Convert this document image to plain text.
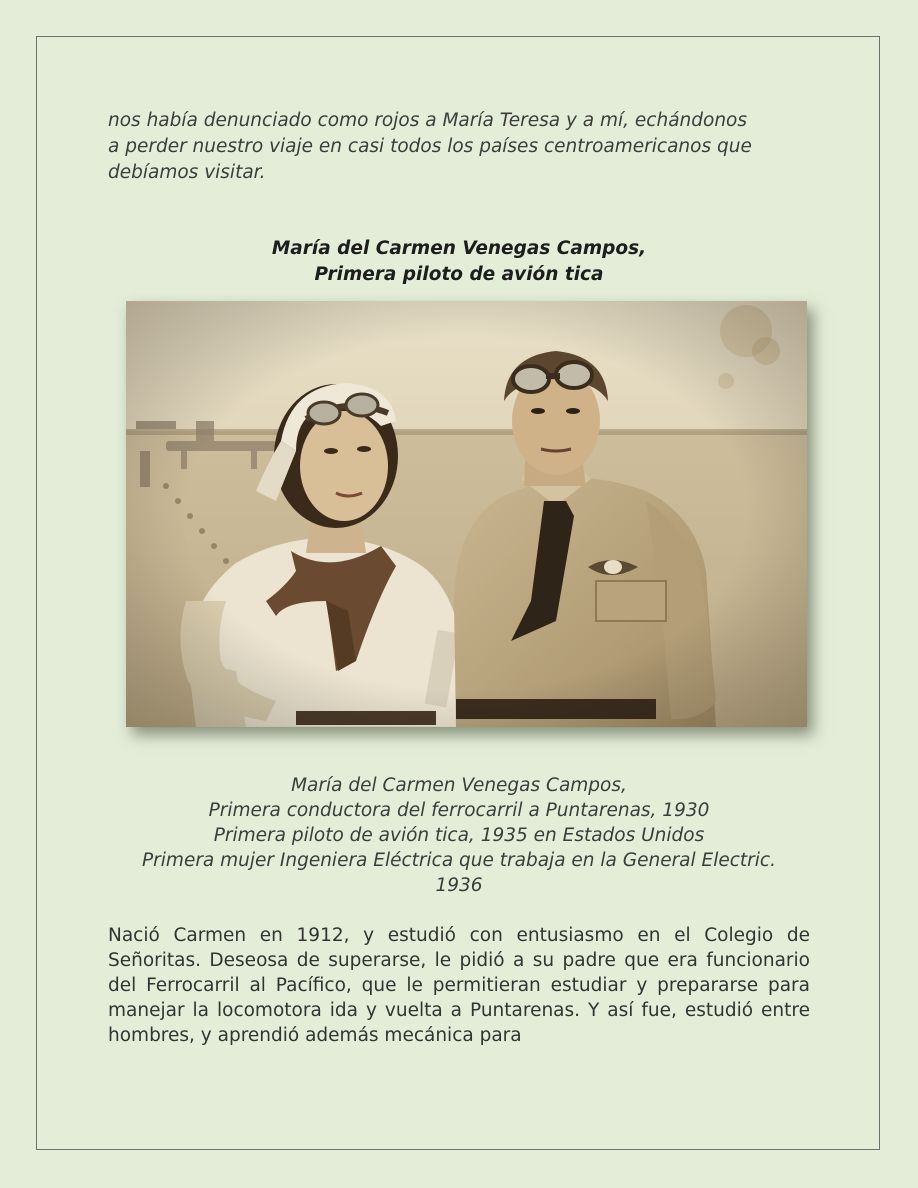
nos había denunciado como rojos a María Teresa y a mí, echándonos
a perder nuestro viaje en casi todos los países centroamericanos que
debíamos visitar.

María del Carmen Venegas Campos,
Primera piloto de avión tica
María del Carmen Venegas Campos,
Primera conductora del ferrocarril a Puntarenas, 1930
Primera piloto de avión tica, 1935 en Estados Unidos
Primera mujer Ingeniera Eléctrica que trabaja en la General Electric.
1936

Nació Carmen en 1912, y estudió con entusiasmo en el Colegio de Señoritas. Deseosa de superarse, le pidió a su padre que era funcionario del Ferrocarril al Pacífico, que le permitieran estudiar y prepararse para manejar la locomotora ida y vuelta a Puntarenas. Y así fue, estudió entre hombres, y aprendió además mecánica para
